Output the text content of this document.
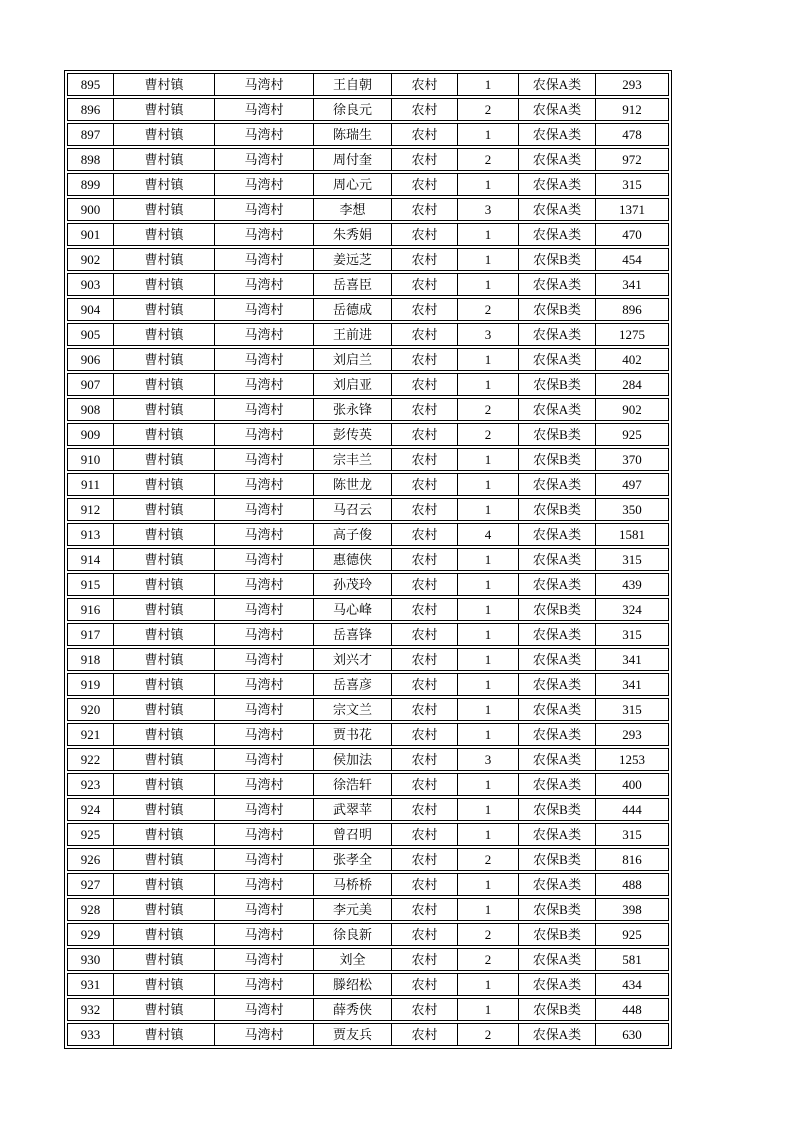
895	曹村镇	马湾村	王自朝	农村	1	农保A类	293
896	曹村镇	马湾村	徐良元	农村	2	农保A类	912
897	曹村镇	马湾村	陈瑞生	农村	1	农保A类	478
898	曹村镇	马湾村	周付奎	农村	2	农保A类	972
899	曹村镇	马湾村	周心元	农村	1	农保A类	315
900	曹村镇	马湾村	李想	农村	3	农保A类	1371
901	曹村镇	马湾村	朱秀娟	农村	1	农保A类	470
902	曹村镇	马湾村	姜远芝	农村	1	农保B类	454
903	曹村镇	马湾村	岳喜臣	农村	1	农保A类	341
904	曹村镇	马湾村	岳德成	农村	2	农保B类	896
905	曹村镇	马湾村	王前进	农村	3	农保A类	1275
906	曹村镇	马湾村	刘启兰	农村	1	农保A类	402
907	曹村镇	马湾村	刘启亚	农村	1	农保B类	284
908	曹村镇	马湾村	张永锋	农村	2	农保A类	902
909	曹村镇	马湾村	彭传英	农村	2	农保B类	925
910	曹村镇	马湾村	宗丰兰	农村	1	农保B类	370
911	曹村镇	马湾村	陈世龙	农村	1	农保A类	497
912	曹村镇	马湾村	马召云	农村	1	农保B类	350
913	曹村镇	马湾村	高子俊	农村	4	农保A类	1581
914	曹村镇	马湾村	惠德侠	农村	1	农保A类	315
915	曹村镇	马湾村	孙茂玲	农村	1	农保A类	439
916	曹村镇	马湾村	马心峰	农村	1	农保B类	324
917	曹村镇	马湾村	岳喜锋	农村	1	农保A类	315
918	曹村镇	马湾村	刘兴才	农村	1	农保A类	341
919	曹村镇	马湾村	岳喜彦	农村	1	农保A类	341
920	曹村镇	马湾村	宗文兰	农村	1	农保A类	315
921	曹村镇	马湾村	贾书花	农村	1	农保A类	293
922	曹村镇	马湾村	侯加法	农村	3	农保A类	1253
923	曹村镇	马湾村	徐浩轩	农村	1	农保A类	400
924	曹村镇	马湾村	武翠苹	农村	1	农保B类	444
925	曹村镇	马湾村	曾召明	农村	1	农保A类	315
926	曹村镇	马湾村	张孝全	农村	2	农保B类	816
927	曹村镇	马湾村	马桥桥	农村	1	农保A类	488
928	曹村镇	马湾村	李元美	农村	1	农保B类	398
929	曹村镇	马湾村	徐良新	农村	2	农保B类	925
930	曹村镇	马湾村	刘全	农村	2	农保A类	581
931	曹村镇	马湾村	滕绍松	农村	1	农保A类	434
932	曹村镇	马湾村	薛秀侠	农村	1	农保B类	448
933	曹村镇	马湾村	贾友兵	农村	2	农保A类	630
